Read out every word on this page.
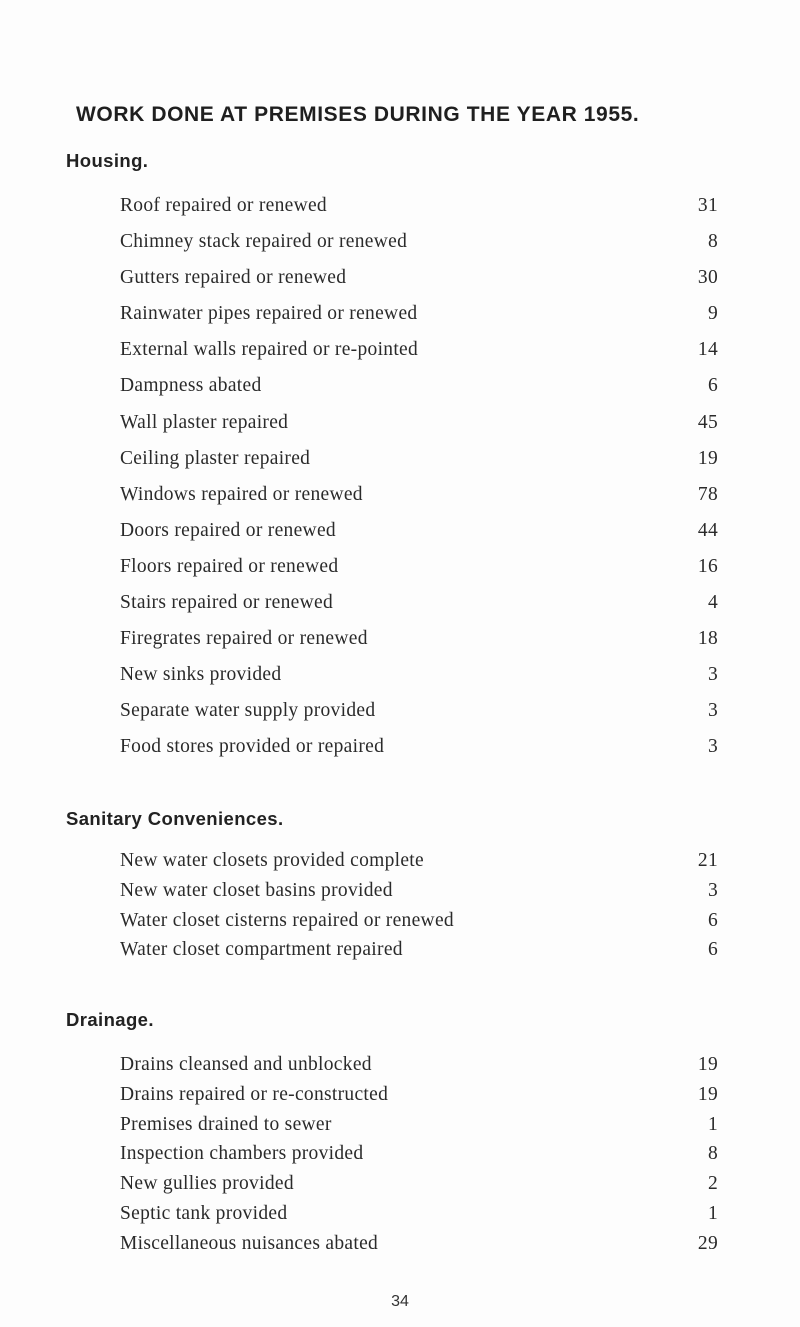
WORK DONE AT PREMISES DURING THE YEAR 1955.
Housing.
Roof repaired or renewed	31
Chimney stack repaired or renewed	8
Gutters repaired or renewed	30
Rainwater pipes repaired or renewed	9
External walls repaired or re-pointed	14
Dampness abated	6
Wall plaster repaired	45
Ceiling plaster repaired	19
Windows repaired or renewed	78
Doors repaired or renewed	44
Floors repaired or renewed	16
Stairs repaired or renewed	4
Firegrates repaired or renewed	18
New sinks provided	3
Separate water supply provided	3
Food stores provided or repaired	3
Sanitary Conveniences.
New water closets provided complete	21
New water closet basins provided	3
Water closet cisterns repaired or renewed	6
Water closet compartment repaired	6
Drainage.
Drains cleansed and unblocked	19
Drains repaired or re-constructed	19
Premises drained to sewer	1
Inspection chambers provided	8
New gullies provided	2
Septic tank provided	1
Miscellaneous nuisances abated	29
34
